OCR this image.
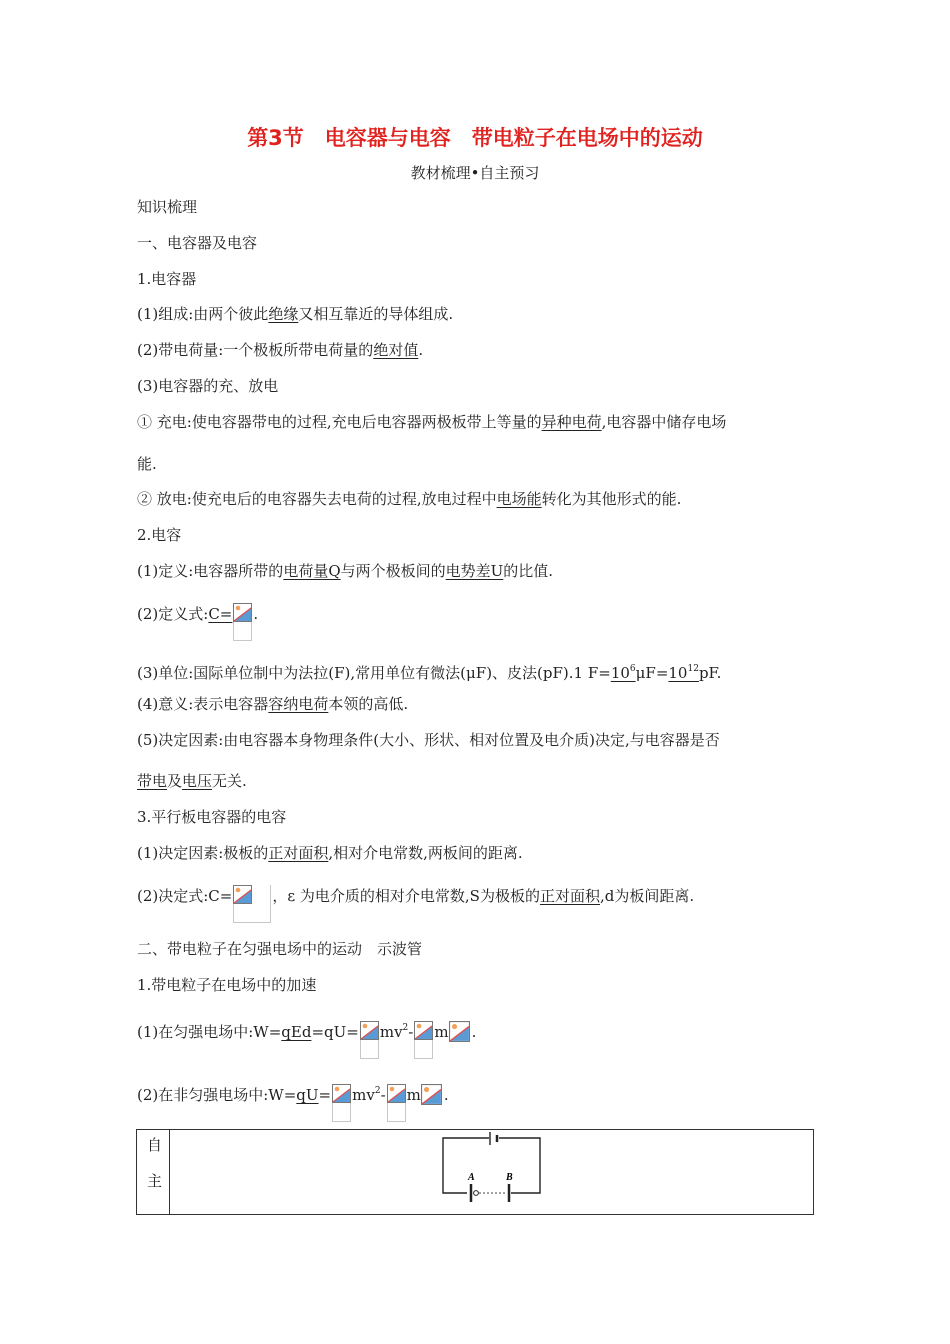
第3节　电容器与电容　带电粒子在电场中的运动
教材梳理•自主预习
知识梳理
一、电容器及电容
1.电容器
(1)组成:由两个彼此绝缘又相互靠近的导体组成.
(2)带电荷量:一个极板所带电荷量的绝对值.
(3)电容器的充、放电
① 充电:使电容器带电的过程,充电后电容器两极板带上等量的异种电荷,电容器中储存电场
能.
② 放电:使充电后的电容器失去电荷的过程,放电过程中电场能转化为其他形式的能.
2.电容
(1)定义:电容器所带的电荷量Q与两个极板间的电势差U的比值.
(2)定义式:C= .
(3)单位:国际单位制中为法拉(F),常用单位有微法(μF)、皮法(pF).1 $F=10^6\mu F=10^{12}pF$.
(4)意义:表示电容器容纳电荷本领的高低.
(5)决定因素:由电容器本身物理条件(大小、形状、相对位置及电介质)决定,与电容器是否
带电及电压无关.
3.平行板电容器的电容
(1)决定因素:极板的正对面积,相对介电常数,两板间的距离.
(2)决定式:C=	，ε 为电介质的相对介电常数,S为极板的正对面积,d为板间距离.
二、带电粒子在匀强电场中的运动　示波管
1.带电粒子在电场中的加速
(1)在匀强电场中:W=qEd=qU= $mv^2-$ m .
(2)在非匀强电场中:W=qU= $mv^2-$ m .
自
主	A	B
